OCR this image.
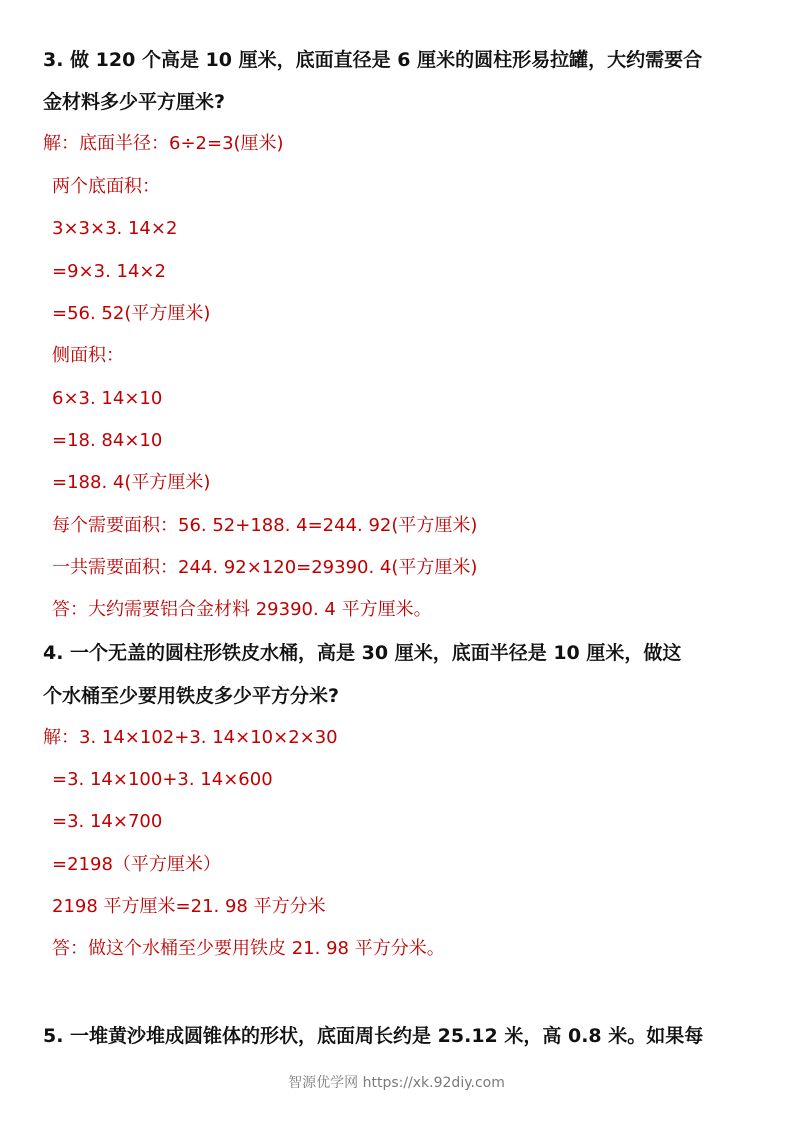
3. 做 120 个高是 10 厘米，底面直径是 6 厘米的圆柱形易拉罐，大约需要合
金材料多少平方厘米?
解：底面半径：6÷2=3(厘米)
两个底面积：
3×3×3. 14×2
=9×3. 14×2
=56. 52(平方厘米)
侧面积：
6×3. 14×10
=18. 84×10
=188. 4(平方厘米)
每个需要面积：56. 52+188. 4=244. 92(平方厘米)
一共需要面积：244. 92×120=29390. 4(平方厘米)
答：大约需要铝合金材料 29390. 4 平方厘米。
4. 一个无盖的圆柱形铁皮水桶，高是 30 厘米，底面半径是 10 厘米，做这
个水桶至少要用铁皮多少平方分米?
解：3. 14×102+3. 14×10×2×30
=3. 14×100+3. 14×600
=3. 14×700
=2198（平方厘米）
2198 平方厘米=21. 98 平方分米
答：做这个水桶至少要用铁皮 21. 98 平方分米。
5. 一堆黄沙堆成圆锥体的形状，底面周长约是 25.12 米，高 0.8 米。如果每
智源优学网 https://xk.92diy.com
